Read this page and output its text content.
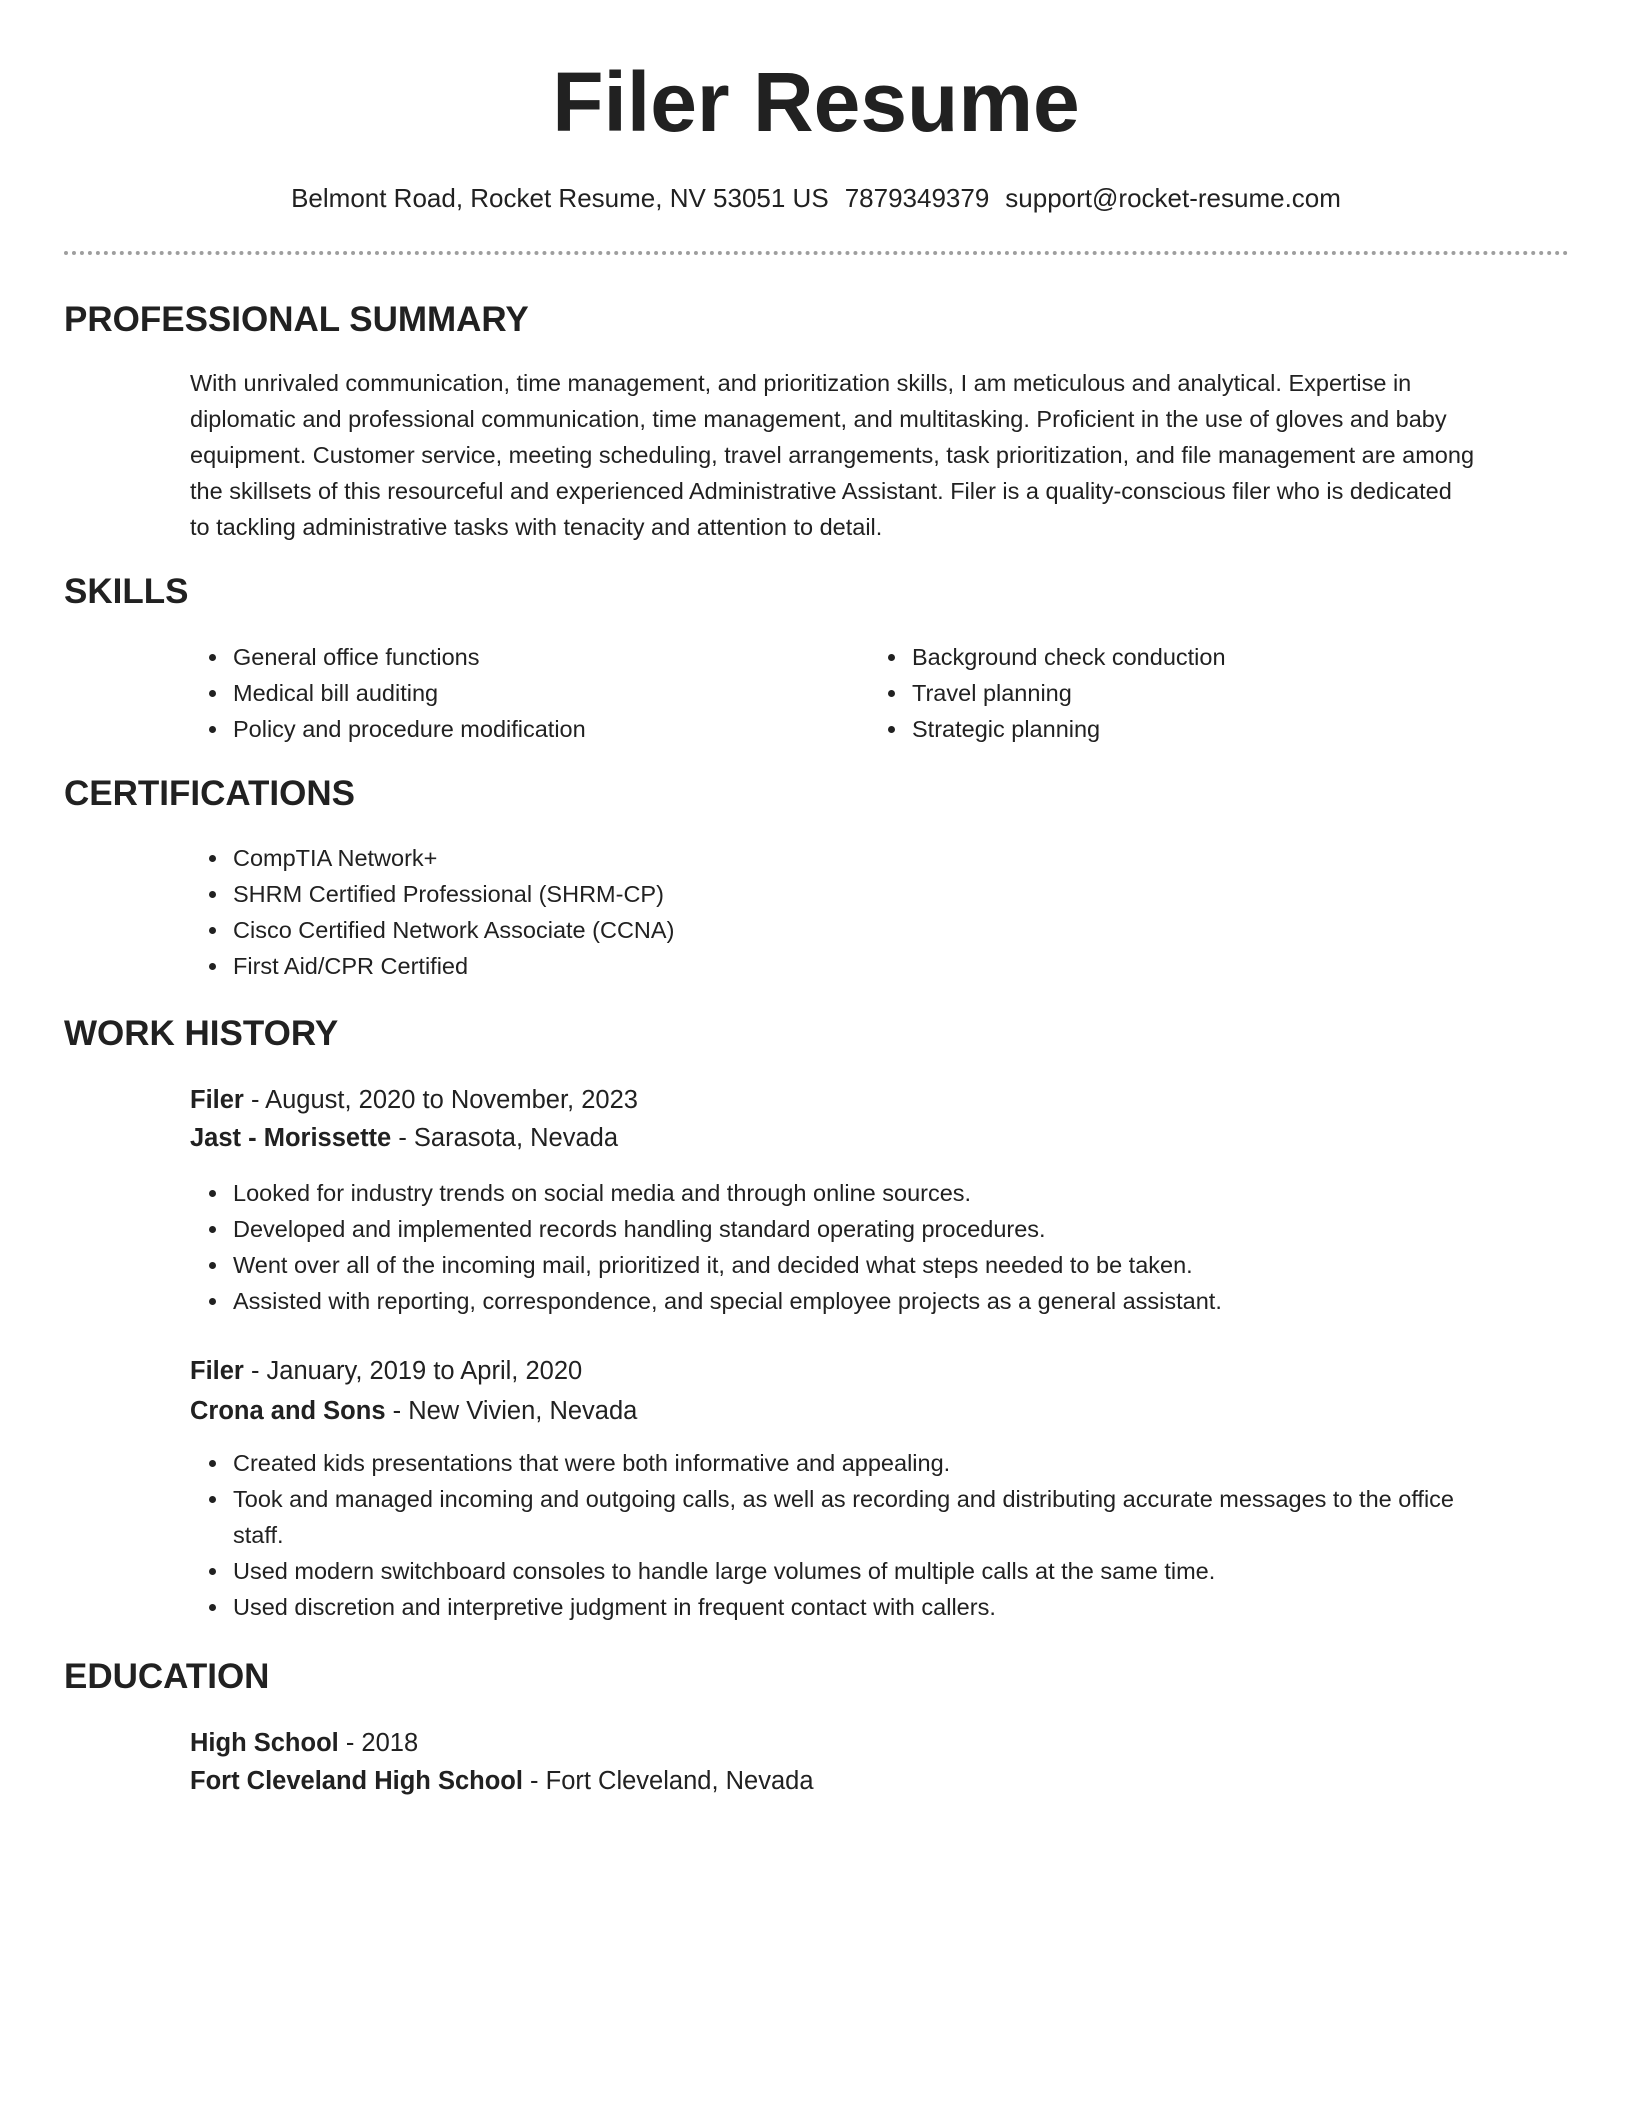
Filer Resume
Belmont Road, Rocket Resume, NV 53051 US 7879349379 support@rocket-resume.com
PROFESSIONAL SUMMARY
With unrivaled communication, time management, and prioritization skills, I am meticulous and analytical. Expertise in
diplomatic and professional communication, time management, and multitasking. Proficient in the use of gloves and baby
equipment. Customer service, meeting scheduling, travel arrangements, task prioritization, and file management are among
the skillsets of this resourceful and experienced Administrative Assistant. Filer is a quality-conscious filer who is dedicated
to tackling administrative tasks with tenacity and attention to detail.
SKILLS
General office functions
Medical bill auditing
Policy and procedure modification
Background check conduction
Travel planning
Strategic planning
CERTIFICATIONS
CompTIA Network+
SHRM Certified Professional (SHRM-CP)
Cisco Certified Network Associate (CCNA)
First Aid/CPR Certified
WORK HISTORY
Filer - August, 2020 to November, 2023
Jast - Morissette - Sarasota, Nevada
Looked for industry trends on social media and through online sources.
Developed and implemented records handling standard operating procedures.
Went over all of the incoming mail, prioritized it, and decided what steps needed to be taken.
Assisted with reporting, correspondence, and special employee projects as a general assistant.
Filer - January, 2019 to April, 2020
Crona and Sons - New Vivien, Nevada
Created kids presentations that were both informative and appealing.
Took and managed incoming and outgoing calls, as well as recording and distributing accurate messages to the office
staff.
Used modern switchboard consoles to handle large volumes of multiple calls at the same time.
Used discretion and interpretive judgment in frequent contact with callers.
EDUCATION
High School - 2018
Fort Cleveland High School - Fort Cleveland, Nevada
